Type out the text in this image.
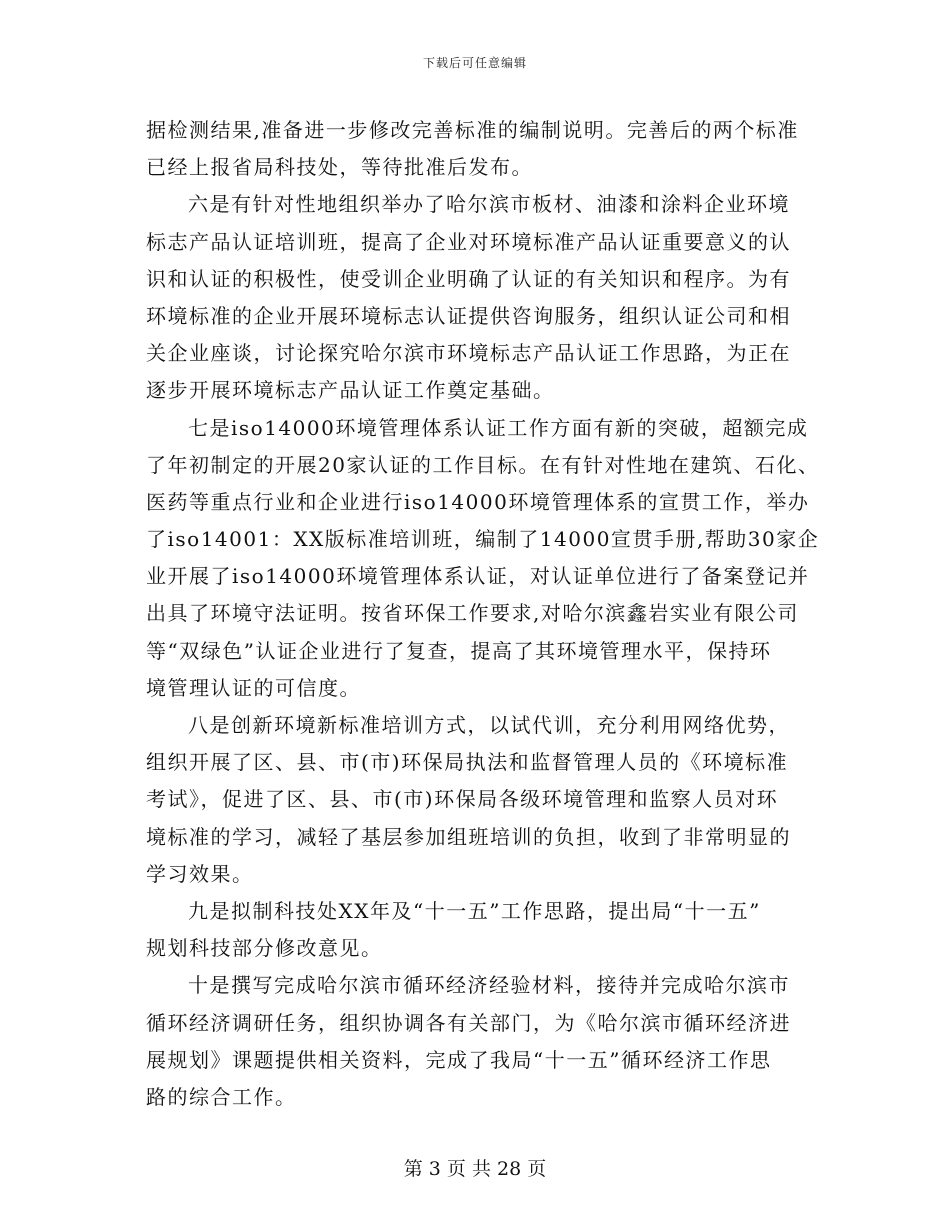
下载后可任意编辑
据检测结果,准备进一步修改完善标准的编制说明。完善后的两个标准
已经上报省局科技处，等待批准后发布。
六是有针对性地组织举办了哈尔滨市板材、油漆和涂料企业环境
标志产品认证培训班，提高了企业对环境标准产品认证重要意义的认
识和认证的积极性，使受训企业明确了认证的有关知识和程序。为有
环境标准的企业开展环境标志认证提供咨询服务，组织认证公司和相
关企业座谈，讨论探究哈尔滨市环境标志产品认证工作思路，为正在
逐步开展环境标志产品认证工作奠定基础。
七是iso14000环境管理体系认证工作方面有新的突破，超额完成
了年初制定的开展20家认证的工作目标。在有针对性地在建筑、石化、
医药等重点行业和企业进行iso14000环境管理体系的宣贯工作，举办
了iso14001：XX版标准培训班，编制了14000宣贯手册,帮助30家企
业开展了iso14000环境管理体系认证，对认证单位进行了备案登记并
出具了环境守法证明。按省环保工作要求,对哈尔滨鑫岩实业有限公司
等“双绿色”认证企业进行了复查，提高了其环境管理水平，保持环
境管理认证的可信度。
八是创新环境新标准培训方式，以试代训，充分利用网络优势，
组织开展了区、县、市(市)环保局执法和监督管理人员的《环境标准
考试》，促进了区、县、市(市)环保局各级环境管理和监察人员对环
境标准的学习，减轻了基层参加组班培训的负担，收到了非常明显的
学习效果。
九是拟制科技处XX年及“十一五”工作思路，提出局“十一五”
规划科技部分修改意见。
十是撰写完成哈尔滨市循环经济经验材料，接待并完成哈尔滨市
循环经济调研任务，组织协调各有关部门，为《哈尔滨市循环经济进
展规划》课题提供相关资料，完成了我局“十一五”循环经济工作思
路的综合工作。
第 3 页 共 28 页
